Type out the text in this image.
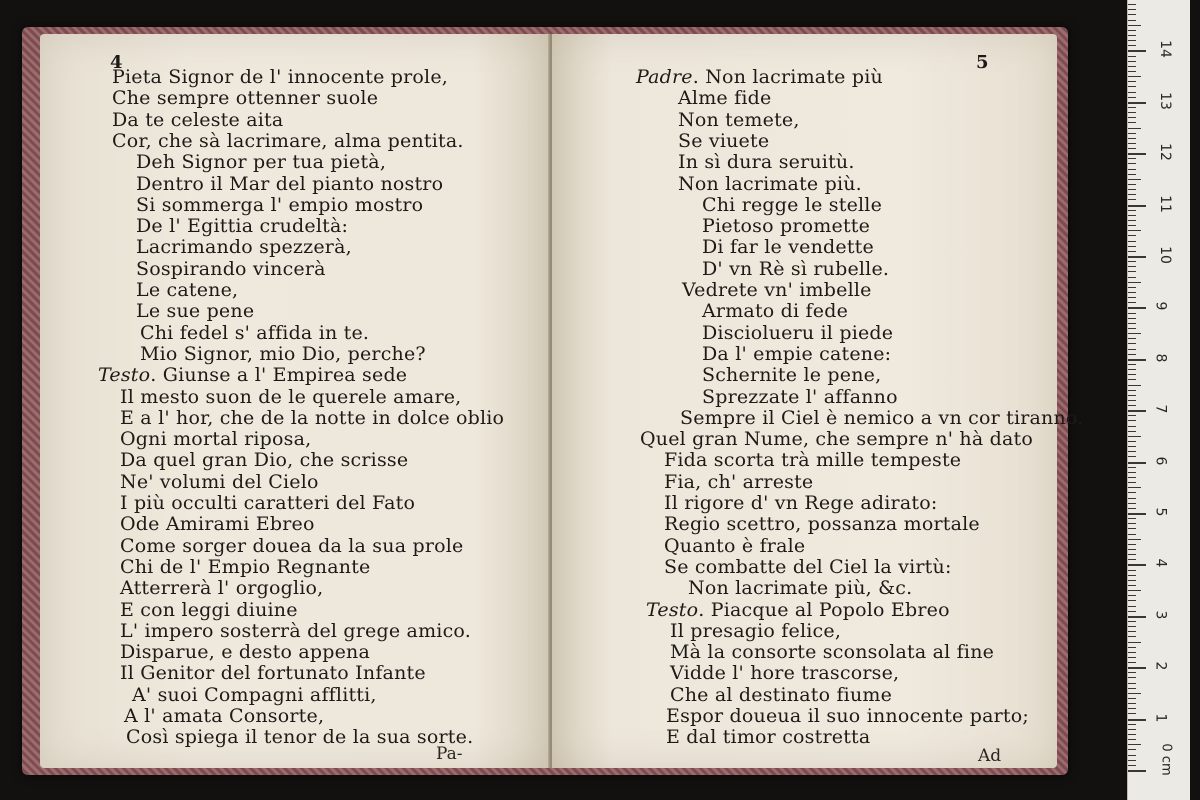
4
Pieta Signor de l' innocente prole,
Che sempre ottenner suole
Da te celeste aita
Cor, che sà lacrimare, alma pentita.
Deh Signor per tua pietà,
Dentro il Mar del pianto nostro
Si sommerga l' empio mostro
De l' Egittia crudeltà:
Lacrimando spezzerà,
Sospirando vincerà
Le catene,
Le sue pene
Chi fedel s' affida in te.
Mio Signor, mio Dio, perche?
Testo. Giunse a l' Empirea sede
Il mesto suon de le querele amare,
E a l' hor, che de la notte in dolce oblio
Ogni mortal riposa,
Da quel gran Dio, che scrisse
Ne' volumi del Cielo
I più occulti caratteri del Fato
Ode Amirami Ebreo
Come sorger douea da la sua prole
Chi de l' Empio Regnante
Atterrerà l' orgoglio,
E con leggi diuine
L' impero sosterrà del grege amico.
Disparue, e desto appena
Il Genitor del fortunato Infante
A' suoi Compagni afflitti,
A l' amata Consorte,
Così spiega il tenor de la sua sorte.
Pa-
5
Padre. Non lacrimate più
Alme fide
Non temete,
Se viuete
In sì dura seruitù.
Non lacrimate più.
Chi regge le stelle
Pietoso promette
Di far le vendette
D' vn Rè sì rubelle.
Vedrete vn' imbelle
Armato di fede
Disciolueru il piede
Da l' empie catene:
Schernite le pene,
Sprezzate l' affanno
Sempre il Ciel è nemico a vn cor tiranno.
Quel gran Nume, che sempre n' hà dato
Fida scorta trà mille tempeste
Fia, ch' arreste
Il rigore d' vn Rege adirato:
Regio scettro, possanza mortale
Quanto è frale
Se combatte del Ciel la virtù:
Non lacrimate più, &c.
Testo. Piacque al Popolo Ebreo
Il presagio felice,
Mà la consorte sconsolata al fine
Vidde l' hore trascorse,
Che al destinato fiume
Espor doueua il suo innocente parto;
E dal timor costretta
Ad
1
2
3
4
5
6
7
8
9
10
11
12
13
14
0 cm
